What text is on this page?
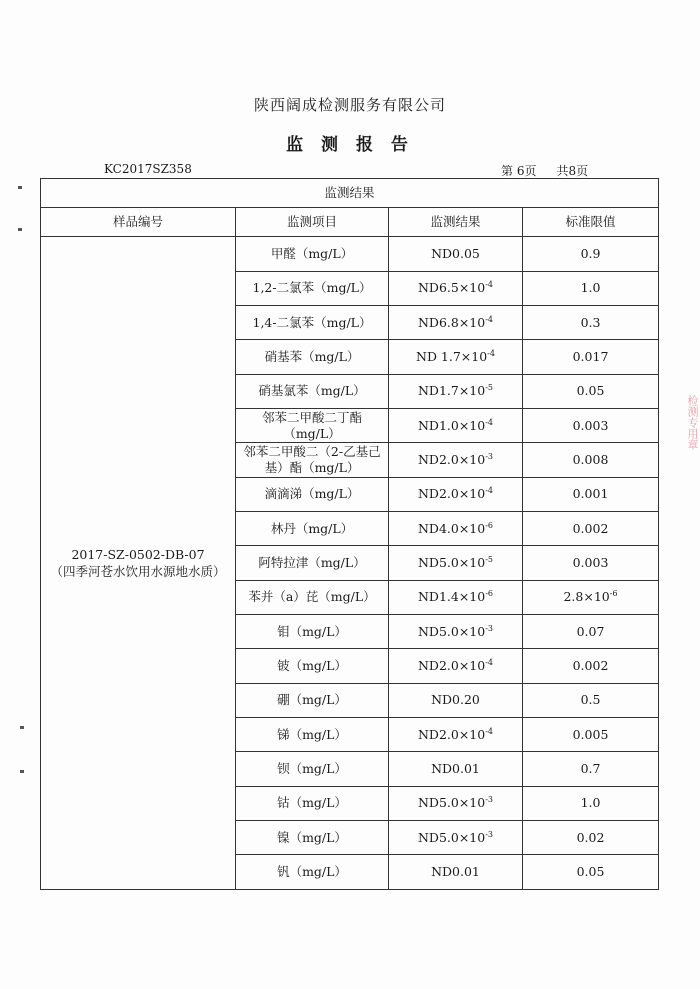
陕西阔成检测服务有限公司
监 测 报 告
KC2017SZ358	第 6页 共8页
监测结果			
样品编号	监测项目	监测结果	标准限值

2017-SZ-0502-DB-07
（四季河苍水饮用水源地水质）	甲醛（mg/L）	ND0.05	0.9
	1,2-二氯苯（mg/L）	$ND6.5\times 10^{-4}$	1.0
	1,4-二氯苯（mg/L）	$ND6.8\times 10^{-4}$	0.3
	硝基苯（mg/L）	ND $1.7\times 10^{-4}$	0.017
	硝基氯苯（mg/L）	$ND1.7\times 10^{-5}$	0.05
	邻苯二甲酸二丁酯（mg/L）	$ND1.0\times 10^{-4}$	0.003
	邻苯二甲酸二（2-乙基己基）酯（mg/L）	$ND2.0\times 10^{-3}$	0.008
	滴滴涕（mg/L）	$ND2.0\times 10^{-4}$	0.001
	林丹（mg/L）	$ND4.0\times 10^{-6}$	0.002
	阿特拉津（mg/L）	$ND5.0\times 10^{-5}$	0.003
	苯并（a）芘（mg/L）	$ND1.4\times 10^{-6}$	$2.8\times 10^{-6}$
	钼（mg/L）	$ND5.0\times 10^{-3}$	0.07
	铍（mg/L）	$ND2.0\times 10^{-4}$	0.002
	硼（mg/L）	ND0.20	0.5
	锑（mg/L）	$ND2.0\times 10^{-4}$	0.005
	钡（mg/L）	ND0.01	0.7
	钴（mg/L）	$ND5.0\times 10^{-3}$	1.0
	镍（mg/L）	$ND5.0\times 10^{-3}$	0.02
	钒（mg/L）	ND0.01	0.05
检测专用章
